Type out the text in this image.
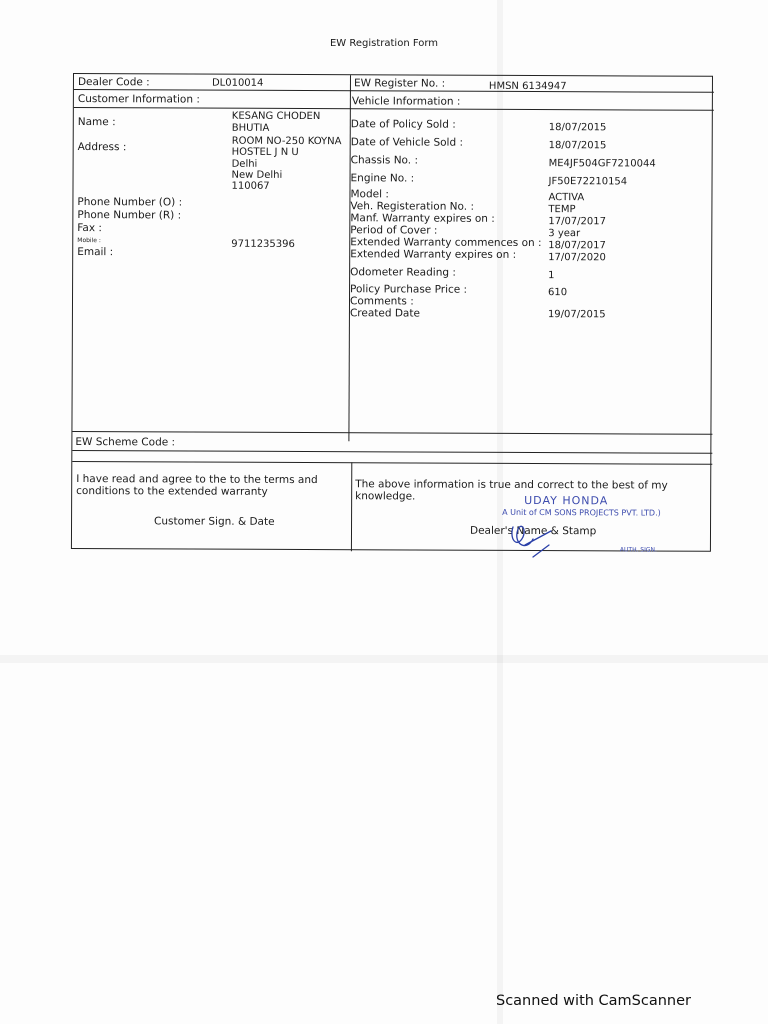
EW Registration Form
Dealer Code :	DL010014	EW Register No. :	HMSN 6134947
Customer Information :	Vehicle Information :
Name :	KESANG CHODEN
BHUTIA
Address :	ROOM NO-250 KOYNA
HOSTEL J N U
Delhi
New Delhi
110067
Phone Number (O) :
Phone Number (R) :
Fax :
Mobile :	9711235396
Email :
Date of Policy Sold :	18/07/2015
Date of Vehicle Sold :	18/07/2015
Chassis No. :	ME4JF504GF7210044
Engine No. :	JF50E72210154
Model :	ACTIVA
Veh. Registeration No. :	TEMP
Manf. Warranty expires on :	17/07/2017
Period of Cover :	3 year
Extended Warranty commences on : 18/07/2017
Extended Warranty expires on :	17/07/2020
Odometer Reading :	1
Policy Purchase Price :	610
Comments :
Created Date	19/07/2015
EW Scheme Code :
I have read and agree to the to the terms and
conditions to the extended warranty
Customer Sign. & Date
The above information is true and correct to the best of my
knowledge.
Dealer's Name & Stamp
UDAY HONDA
A Unit of CM SONS PROJECTS PVT. LTD.)
AUTH. SIGN.
Scanned with CamScanner
